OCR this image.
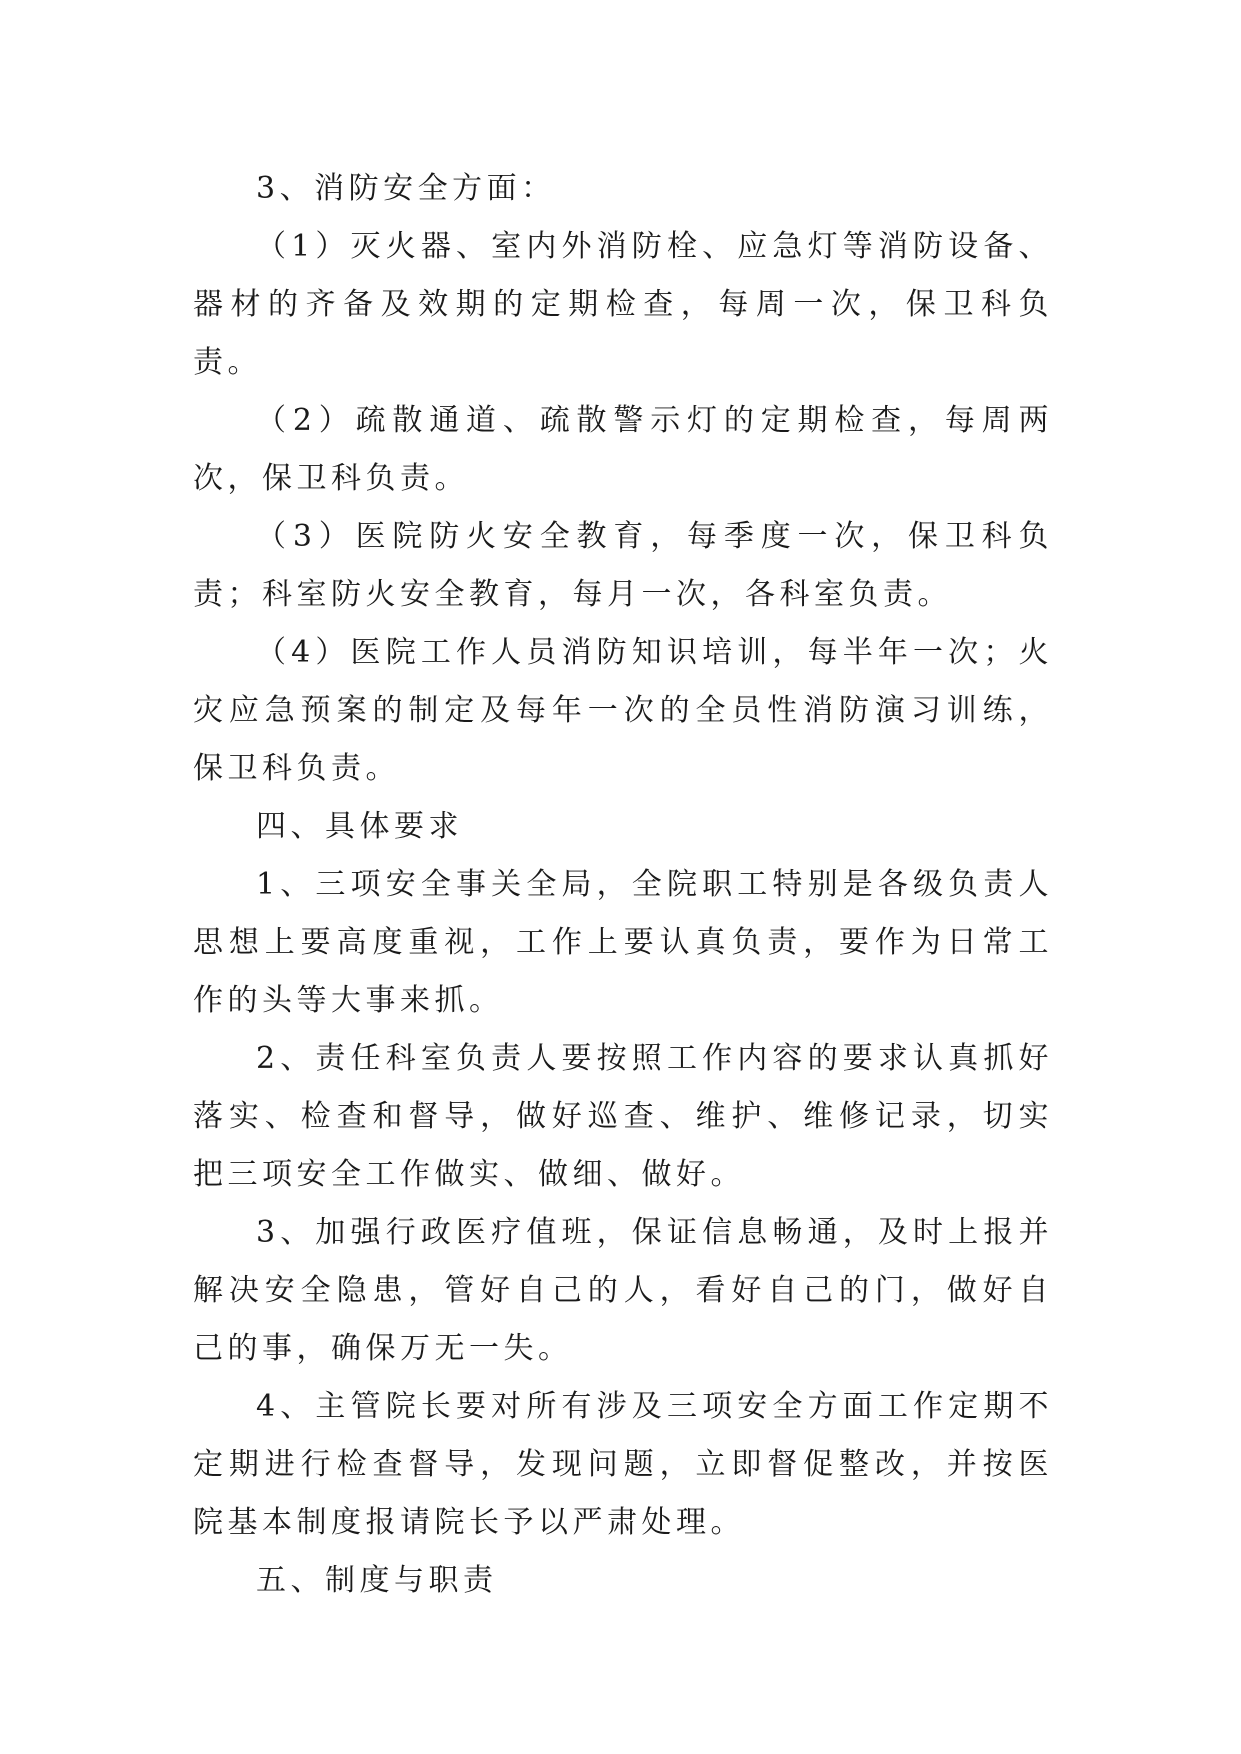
3、消防安全方面：

（1）灭火器、室内外消防栓、应急灯等消防设备、器材的齐备及效期的定期检查，每周一次，保卫科负责。

（2）疏散通道、疏散警示灯的定期检查，每周两次，保卫科负责。

（3）医院防火安全教育，每季度一次，保卫科负责；科室防火安全教育，每月一次，各科室负责。

（4）医院工作人员消防知识培训，每半年一次；火灾应急预案的制定及每年一次的全员性消防演习训练，保卫科负责。

四、具体要求

1、三项安全事关全局，全院职工特别是各级负责人思想上要高度重视，工作上要认真负责，要作为日常工作的头等大事来抓。

2、责任科室负责人要按照工作内容的要求认真抓好落实、检查和督导，做好巡查、维护、维修记录，切实把三项安全工作做实、做细、做好。

3、加强行政医疗值班，保证信息畅通，及时上报并解决安全隐患，管好自己的人，看好自己的门，做好自己的事，确保万无一失。

4、主管院长要对所有涉及三项安全方面工作定期不定期进行检查督导，发现问题，立即督促整改，并按医院基本制度报请院长予以严肃处理。

五、制度与职责
